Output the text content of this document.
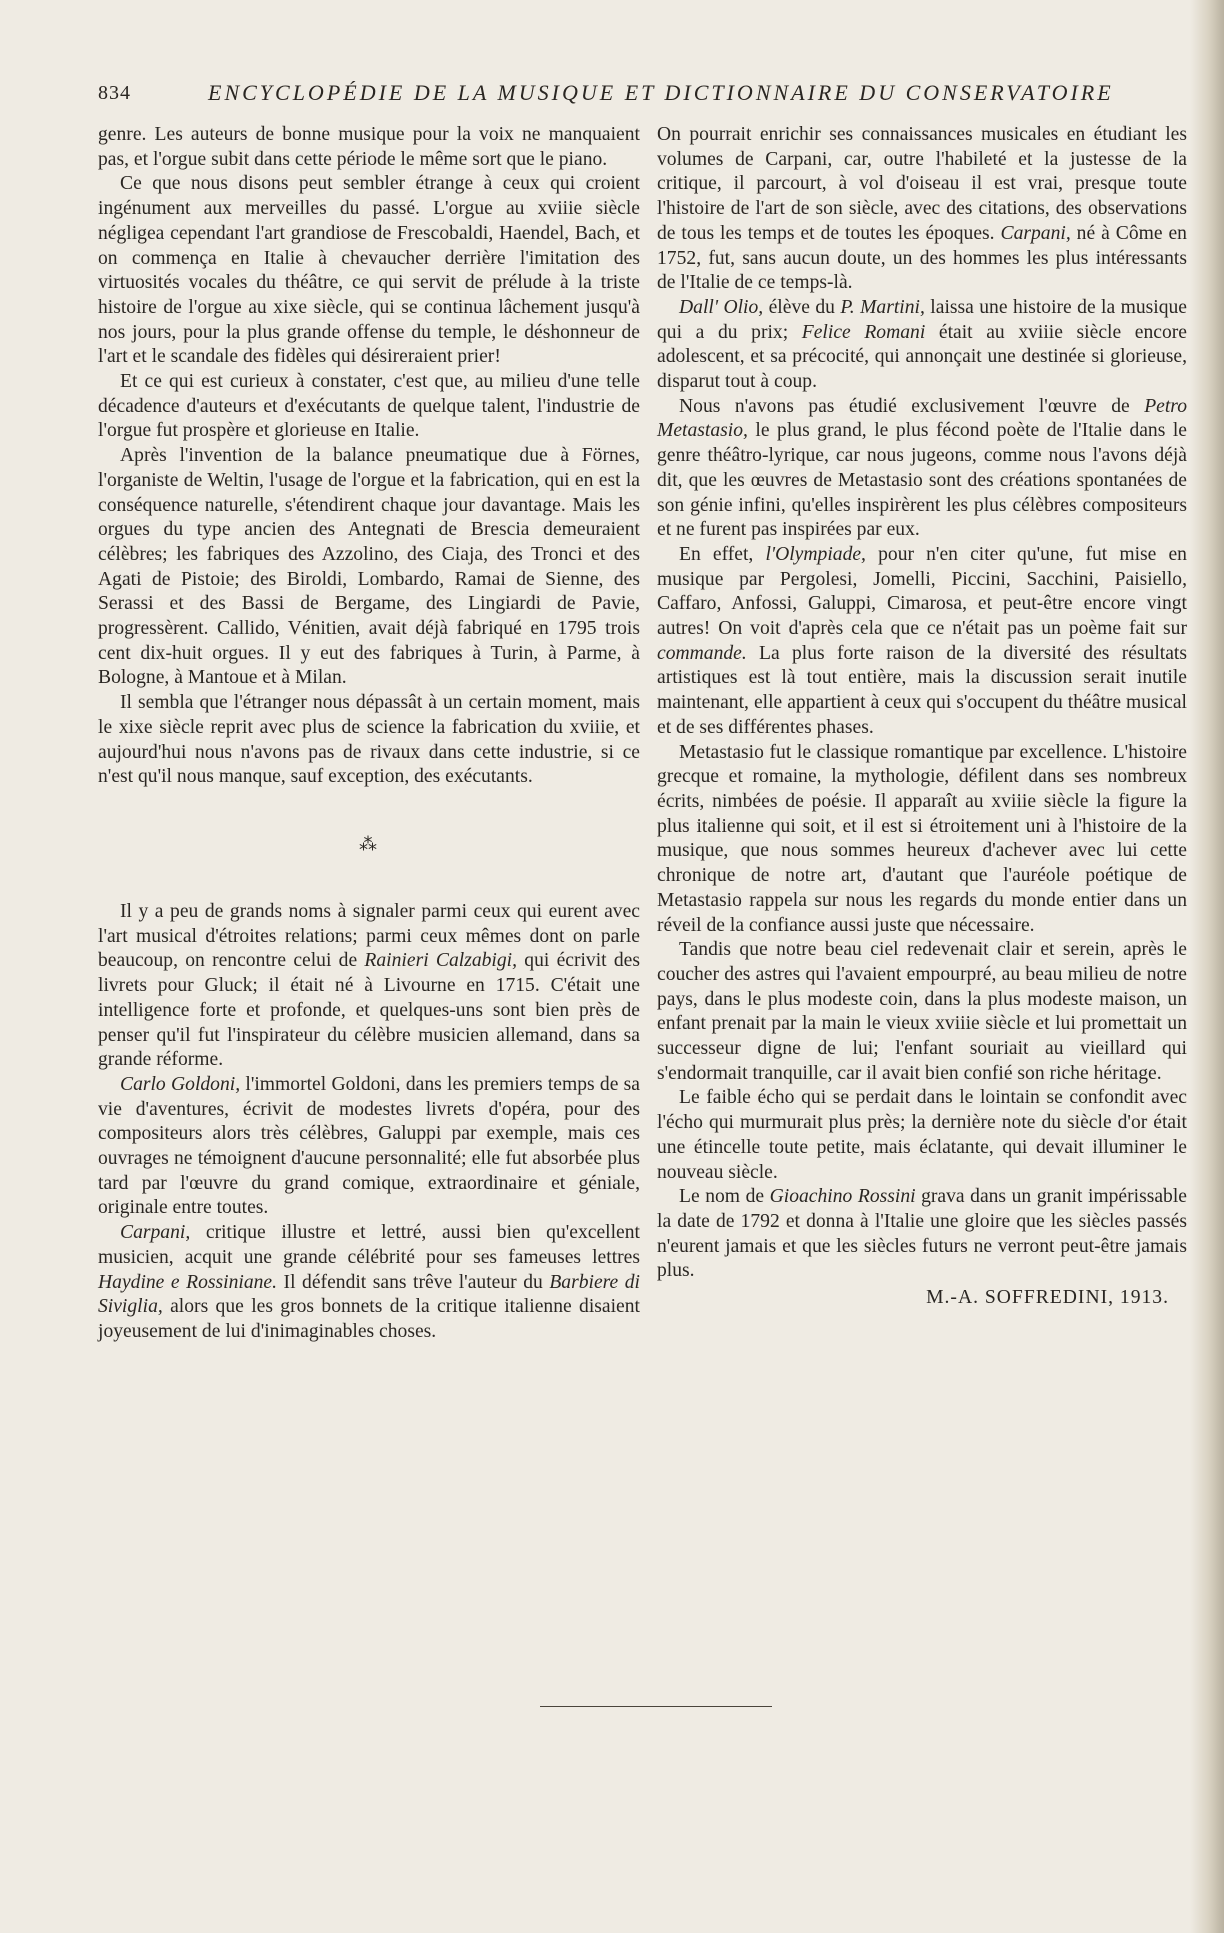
834	ENCYCLOPÉDIE DE LA MUSIQUE ET DICTIONNAIRE DU CONSERVATOIRE

genre. Les auteurs de bonne musique pour la voix ne manquaient pas, et l'orgue subit dans cette période le même sort que le piano.

Ce que nous disons peut sembler étrange à ceux qui croient ingénument aux merveilles du passé. L'orgue au xviiie siècle négligea cependant l'art grandiose de Frescobaldi, Haendel, Bach, et on commença en Italie à chevaucher derrière l'imitation des virtuosités vocales du théâtre, ce qui servit de prélude à la triste histoire de l'orgue au xixe siècle, qui se continua lâchement jusqu'à nos jours, pour la plus grande offense du temple, le déshonneur de l'art et le scandale des fidèles qui désireraient prier!

Et ce qui est curieux à constater, c'est que, au milieu d'une telle décadence d'auteurs et d'exécutants de quelque talent, l'industrie de l'orgue fut prospère et glorieuse en Italie.

Après l'invention de la balance pneumatique due à Förnes, l'organiste de Weltin, l'usage de l'orgue et la fabrication, qui en est la conséquence naturelle, s'étendirent chaque jour davantage. Mais les orgues du type ancien des Antegnati de Brescia demeuraient célèbres; les fabriques des Azzolino, des Ciaja, des Tronci et des Agati de Pistoie; des Biroldi, Lombardo, Ramai de Sienne, des Serassi et des Bassi de Bergame, des Lingiardi de Pavie, progressèrent. Callido, Vénitien, avait déjà fabriqué en 1795 trois cent dix-huit orgues. Il y eut des fabriques à Turin, à Parme, à Bologne, à Mantoue et à Milan.

Il sembla que l'étranger nous dépassât à un certain moment, mais le xixe siècle reprit avec plus de science la fabrication du xviiie, et aujourd'hui nous n'avons pas de rivaux dans cette industrie, si ce n'est qu'il nous manque, sauf exception, des exécutants.

⁂

Il y a peu de grands noms à signaler parmi ceux qui eurent avec l'art musical d'étroites relations; parmi ceux mêmes dont on parle beaucoup, on rencontre celui de Rainieri Calzabigi, qui écrivit des livrets pour Gluck; il était né à Livourne en 1715. C'était une intelligence forte et profonde, et quelques-uns sont bien près de penser qu'il fut l'inspirateur du célèbre musicien allemand, dans sa grande réforme.

Carlo Goldoni, l'immortel Goldoni, dans les premiers temps de sa vie d'aventures, écrivit de modestes livrets d'opéra, pour des compositeurs alors très célèbres, Galuppi par exemple, mais ces ouvrages ne témoignent d'aucune personnalité; elle fut absorbée plus tard par l'œuvre du grand comique, extraordinaire et géniale, originale entre toutes.

Carpani, critique illustre et lettré, aussi bien qu'excellent musicien, acquit une grande célébrité pour ses fameuses lettres Haydine e Rossiniane. Il défendit sans trêve l'auteur du Barbiere di Siviglia, alors que les gros bonnets de la critique italienne disaient joyeusement de lui d'inimaginables choses.

On pourrait enrichir ses connaissances musicales en étudiant les volumes de Carpani, car, outre l'habileté et la justesse de la critique, il parcourt, à vol d'oiseau il est vrai, presque toute l'histoire de l'art de son siècle, avec des citations, des observations de tous les temps et de toutes les époques. Carpani, né à Côme en 1752, fut, sans aucun doute, un des hommes les plus intéressants de l'Italie de ce temps-là.

Dall' Olio, élève du P. Martini, laissa une histoire de la musique qui a du prix; Felice Romani était au xviiie siècle encore adolescent, et sa précocité, qui annonçait une destinée si glorieuse, disparut tout à coup.

Nous n'avons pas étudié exclusivement l'œuvre de Petro Metastasio, le plus grand, le plus fécond poète de l'Italie dans le genre théâtro-lyrique, car nous jugeons, comme nous l'avons déjà dit, que les œuvres de Metastasio sont des créations spontanées de son génie infini, qu'elles inspirèrent les plus célèbres compositeurs et ne furent pas inspirées par eux.

En effet, l'Olympiade, pour n'en citer qu'une, fut mise en musique par Pergolesi, Jomelli, Piccini, Sacchini, Paisiello, Caffaro, Anfossi, Galuppi, Cimarosa, et peut-être encore vingt autres! On voit d'après cela que ce n'était pas un poème fait sur commande. La plus forte raison de la diversité des résultats artistiques est là tout entière, mais la discussion serait inutile maintenant, elle appartient à ceux qui s'occupent du théâtre musical et de ses différentes phases.

Metastasio fut le classique romantique par excellence. L'histoire grecque et romaine, la mythologie, défilent dans ses nombreux écrits, nimbées de poésie. Il apparaît au xviiie siècle la figure la plus italienne qui soit, et il est si étroitement uni à l'histoire de la musique, que nous sommes heureux d'achever avec lui cette chronique de notre art, d'autant que l'auréole poétique de Metastasio rappela sur nous les regards du monde entier dans un réveil de la confiance aussi juste que nécessaire.

Tandis que notre beau ciel redevenait clair et serein, après le coucher des astres qui l'avaient empourpré, au beau milieu de notre pays, dans le plus modeste coin, dans la plus modeste maison, un enfant prenait par la main le vieux xviiie siècle et lui promettait un successeur digne de lui; l'enfant souriait au vieillard qui s'endormait tranquille, car il avait bien confié son riche héritage.

Le faible écho qui se perdait dans le lointain se confondit avec l'écho qui murmurait plus près; la dernière note du siècle d'or était une étincelle toute petite, mais éclatante, qui devait illuminer le nouveau siècle.

Le nom de Gioachino Rossini grava dans un granit impérissable la date de 1792 et donna à l'Italie une gloire que les siècles passés n'eurent jamais et que les siècles futurs ne verront peut-être jamais plus.

M.-A. SOFFREDINI, 1913.
